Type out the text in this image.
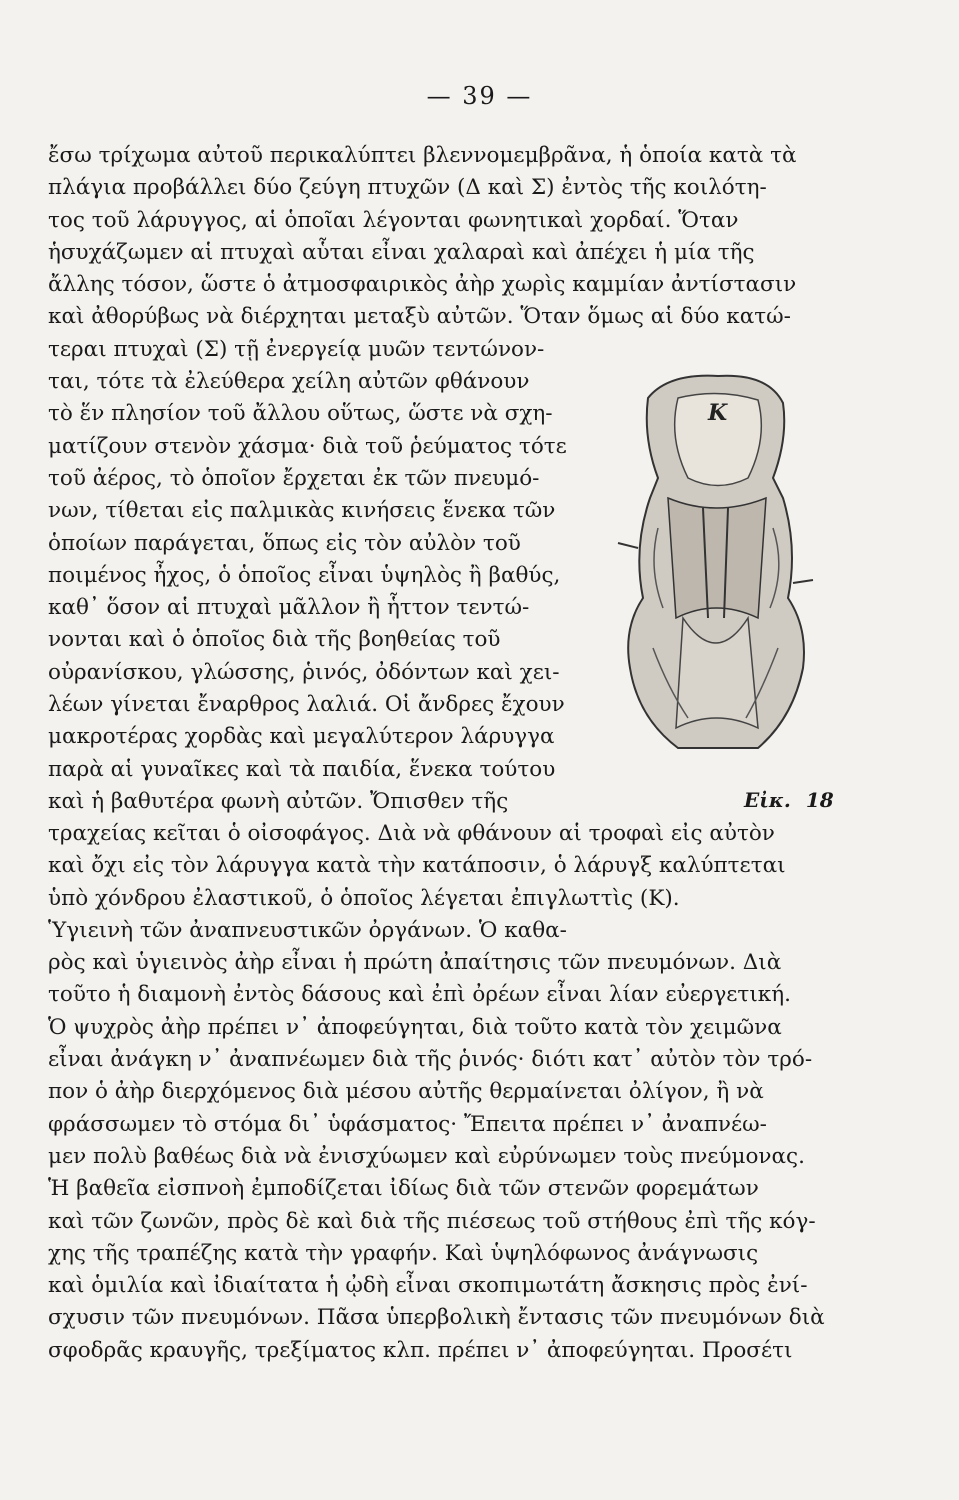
— 39 —
ἔσω τρίχωμα αὐτοῦ περικαλύπτει βλεννομεμβρᾶνα, ἡ ὁποία κατὰ τὰ
πλάγια προβάλλει δύο ζεύγη πτυχῶν (Δ καὶ Σ) ἐντὸς τῆς κοιλότη-
τος τοῦ λάρυγγος, αἱ ὁποῖαι λέγονται φωνητικαὶ χορδαί. Ὅταν
ἡσυχάζωμεν αἱ πτυχαὶ αὗται εἶναι χαλαραὶ καὶ ἀπέχει ἡ μία τῆς
ἄλλης τόσον, ὥστε ὁ ἀτμοσφαιρικὸς ἀὴρ χωρὶς καμμίαν ἀντίστασιν
καὶ ἀθορύβως νὰ διέρχηται μεταξὺ αὐτῶν. Ὅταν ὅμως αἱ δύο κατώ-
τεραι πτυχαὶ (Σ) τῇ ἐνεργείᾳ μυῶν τεντώνον-
ται, τότε τὰ ἐλεύθερα χείλη αὐτῶν φθάνουν
τὸ ἕν πλησίον τοῦ ἄλλου οὕτως, ὥστε νὰ σχη-
ματίζουν στενὸν χάσμα· διὰ τοῦ ῥεύματος τότε
τοῦ ἀέρος, τὸ ὁποῖον ἔρχεται ἐκ τῶν πνευμό-
νων, τίθεται εἰς παλμικὰς κινήσεις ἕνεκα τῶν
ὁποίων παράγεται, ὅπως εἰς τὸν αὐλὸν τοῦ
ποιμένος ἦχος, ὁ ὁποῖος εἶναι ὑψηλὸς ἢ βαθύς,
καθ᾽ ὅσον αἱ πτυχαὶ μᾶλλον ἢ ἧττον τεντώ-
νονται καὶ ὁ ὁποῖος διὰ τῆς βοηθείας τοῦ
οὐρανίσκου, γλώσσης, ῥινός, ὀδόντων καὶ χει-
λέων γίνεται ἔναρθρος λαλιά. Οἱ ἄνδρες ἔχουν
μακροτέρας χορδὰς καὶ μεγαλύτερον λάρυγγα
παρὰ αἱ γυναῖκες καὶ τὰ παιδία, ἕνεκα τούτου
καὶ ἡ βαθυτέρα φωνὴ αὐτῶν. Ὄπισθεν τῆς
K
Εἰκ. 18
τραχείας κεῖται ὁ οἰσοφάγος. Διὰ νὰ φθάνουν αἱ τροφαὶ εἰς αὐτὸν
καὶ ὄχι εἰς τὸν λάρυγγα κατὰ τὴν κατάποσιν, ὁ λάρυγξ καλύπτεται
ὑπὸ χόνδρου ἐλαστικοῦ, ὁ ὁποῖος λέγεται ἐπιγλωττὶς (Κ).
Ὑγιεινὴ τῶν ἀναπνευστικῶν ὀργάνων. Ὁ καθα-
ρὸς καὶ ὑγιεινὸς ἀὴρ εἶναι ἡ πρώτη ἀπαίτησις τῶν πνευμόνων. Διὰ
τοῦτο ἡ διαμονὴ ἐντὸς δάσους καὶ ἐπὶ ὀρέων εἶναι λίαν εὐεργετική.
Ὁ ψυχρὸς ἀὴρ πρέπει ν᾽ ἀποφεύγηται, διὰ τοῦτο κατὰ τὸν χειμῶνα
εἶναι ἀνάγκη ν᾽ ἀναπνέωμεν διὰ τῆς ῥινός· διότι κατ᾽ αὐτὸν τὸν τρό-
πον ὁ ἀὴρ διερχόμενος διὰ μέσου αὐτῆς θερμαίνεται ὀλίγον, ἢ νὰ
φράσσωμεν τὸ στόμα δι᾽ ὑφάσματος· Ἔπειτα πρέπει ν᾽ ἀναπνέω-
μεν πολὺ βαθέως διὰ νὰ ἐνισχύωμεν καὶ εὐρύνωμεν τοὺς πνεύμονας.
Ἡ βαθεῖα εἰσπνοὴ ἐμποδίζεται ἰδίως διὰ τῶν στενῶν φορεμάτων
καὶ τῶν ζωνῶν, πρὸς δὲ καὶ διὰ τῆς πιέσεως τοῦ στήθους ἐπὶ τῆς κόγ-
χης τῆς τραπέζης κατὰ τὴν γραφήν. Καὶ ὑψηλόφωνος ἀνάγνωσις
καὶ ὁμιλία καὶ ἰδιαίτατα ἡ ᾠδὴ εἶναι σκοπιμωτάτη ἄσκησις πρὸς ἐνί-
σχυσιν τῶν πνευμόνων. Πᾶσα ὑπερβολικὴ ἔντασις τῶν πνευμόνων διὰ
σφοδρᾶς κραυγῆς, τρεξίματος κλπ. πρέπει ν᾽ ἀποφεύγηται. Προσέτι
